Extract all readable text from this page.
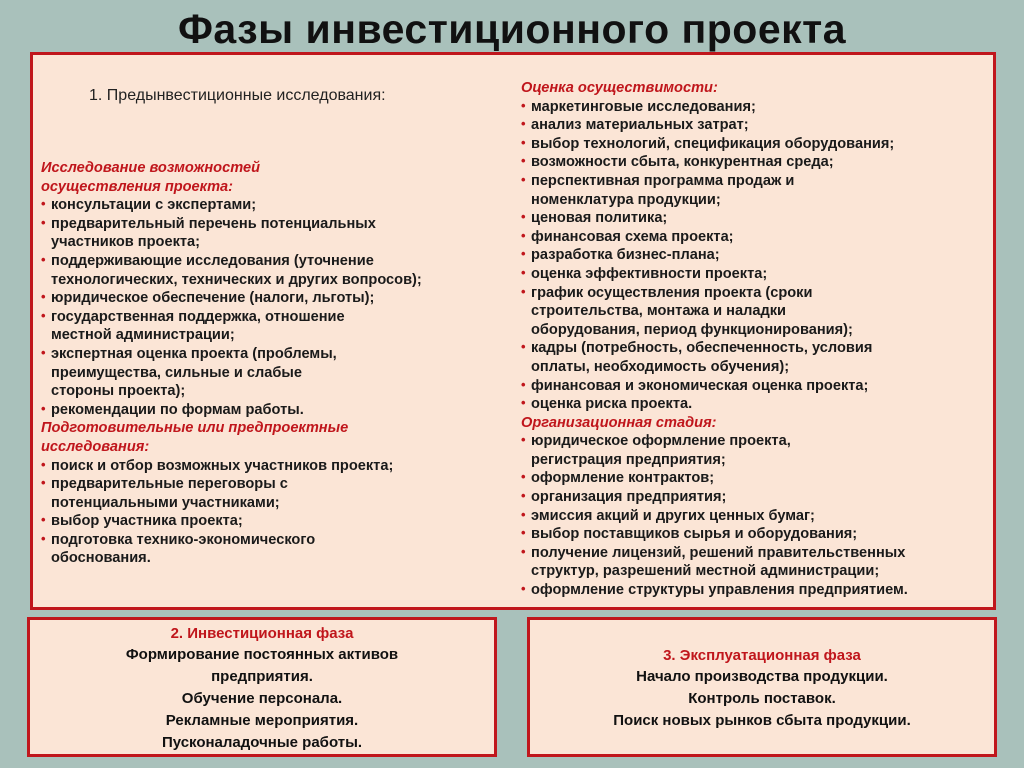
Фазы инвестиционного проекта
1. Предынвестиционные исследования:
Исследование возможностей
осуществления проекта:
• консультации с экспертами;
• предварительный перечень потенциальных
участников проекта;
• поддерживающие исследования (уточнение
технологических, технических и других вопросов);
• юридическое обеспечение (налоги, льготы);
• государственная поддержка, отношение
местной администрации;
• экспертная оценка проекта (проблемы,
преимущества, сильные и слабые
стороны проекта);
• рекомендации по формам работы.
Подготовительные или предпроектные
исследования:
• поиск и отбор возможных участников проекта;
• предварительные переговоры с
потенциальными участниками;
• выбор участника проекта;
• подготовка технико-экономического
обоснования.
Оценка осуществимости:
• маркетинговые исследования;
• анализ материальных затрат;
• выбор технологий, спецификация оборудования;
• возможности сбыта, конкурентная среда;
• перспективная программа продаж и
номенклатура продукции;
• ценовая политика;
• финансовая схема проекта;
• разработка бизнес-плана;
• оценка эффективности проекта;
• график осуществления проекта (сроки
строительства, монтажа и наладки
оборудования, период функционирования);
• кадры (потребность, обеспеченность, условия
оплаты, необходимость обучения);
• финансовая и экономическая оценка проекта;
• оценка риска проекта.
Организационная стадия:
• юридическое оформление проекта,
регистрация предприятия;
• оформление контрактов;
• организация предприятия;
• эмиссия акций и других ценных бумаг;
• выбор поставщиков сырья и оборудования;
• получение лицензий, решений правительственных
структур, разрешений местной администрации;
• оформление структуры управления предприятием.
2. Инвестиционная фаза
Формирование постоянных активов
предприятия.
Обучение персонала.
Рекламные мероприятия.
Пусконаладочные работы.
3. Эксплуатационная фаза
Начало производства продукции.
Контроль поставок.
Поиск новых рынков сбыта продукции.
